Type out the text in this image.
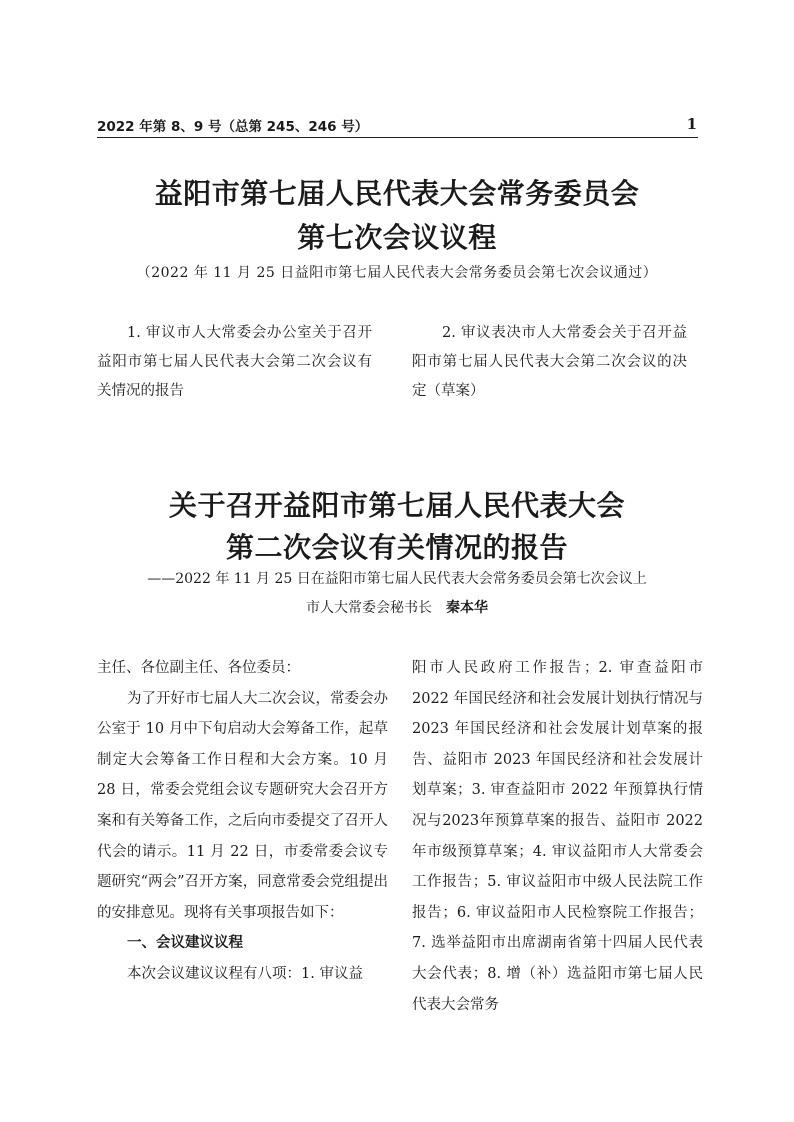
2022 年第 8、9 号（总第 245、246 号）	1
益阳市第七届人民代表大会常务委员会
第七次会议议程
（2022 年 11 月 25 日益阳市第七届人民代表大会常务委员会第七次会议通过）

1. 审议市人大常委会办公室关于召开益阳市第七届人民代表大会第二次会议有关情况的报告

2. 审议表决市人大常委会关于召开益阳市第七届人民代表大会第二次会议的决定（草案）

关于召开益阳市第七届人民代表大会
第二次会议有关情况的报告
——2022 年 11 月 25 日在益阳市第七届人民代表大会常务委员会第七次会议上
市人大常委会秘书长 秦本华

主任、各位副主任、各位委员：

为了开好市七届人大二次会议，常委会办公室于 10 月中下旬启动大会筹备工作，起草制定大会筹备工作日程和大会方案。10 月 28 日，常委会党组会议专题研究大会召开方案和有关筹备工作，之后向市委提交了召开人代会的请示。11 月 22 日，市委常委会议专题研究“两会”召开方案，同意常委会党组提出的安排意见。现将有关事项报告如下：

一、会议建议议程

本次会议建议议程有八项：1. 审议益

阳市人民政府工作报告；2. 审查益阳市 2022 年国民经济和社会发展计划执行情况与 2023 年国民经济和社会发展计划草案的报告、益阳市 2023 年国民经济和社会发展计划草案；3. 审查益阳市 2022 年预算执行情况与2023年预算草案的报告、益阳市 2022 年市级预算草案；4. 审议益阳市人大常委会工作报告；5. 审议益阳市中级人民法院工作报告；6. 审议益阳市人民检察院工作报告；7. 选举益阳市出席湖南省第十四届人民代表大会代表；8. 增（补）选益阳市第七届人民代表大会常务
